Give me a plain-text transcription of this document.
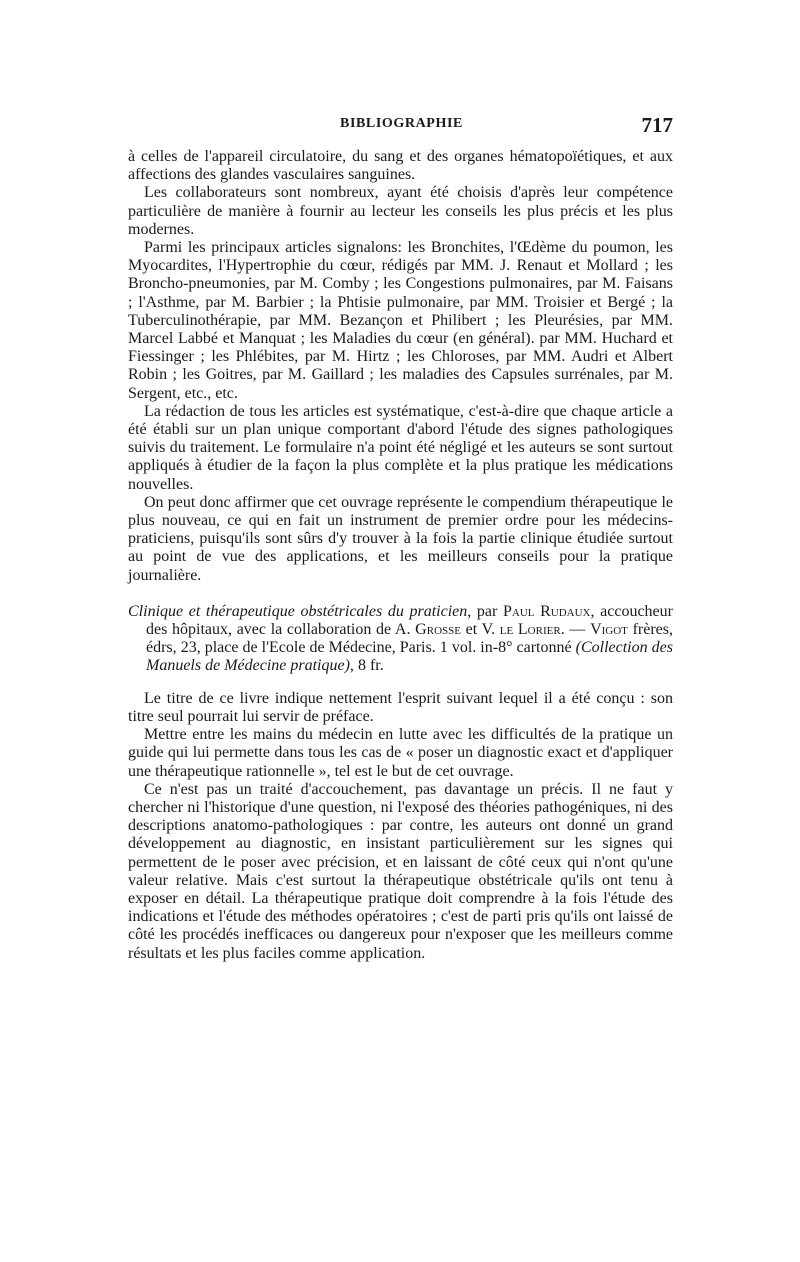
BIBLIOGRAPHIE	717

à celles de l'appareil circulatoire, du sang et des organes hématopoïétiques, et aux affections des glandes vasculaires sanguines.

Les collaborateurs sont nombreux, ayant été choisis d'après leur compétence particulière de manière à fournir au lecteur les conseils les plus précis et les plus modernes.

Parmi les principaux articles signalons: les Bronchites, l'Œdème du poumon, les Myocardites, l'Hypertrophie du cœur, rédigés par MM. J. Renaut et Mollard ; les Broncho-pneumonies, par M. Comby ; les Congestions pulmonaires, par M. Faisans ; l'Asthme, par M. Barbier ; la Phtisie pulmonaire, par MM. Troisier et Bergé ; la Tuberculinothérapie, par MM. Bezançon et Philibert ; les Pleurésies, par MM. Marcel Labbé et Manquat ; les Maladies du cœur (en général). par MM. Huchard et Fiessinger ; les Phlébites, par M. Hirtz ; les Chloroses, par MM. Audri et Albert Robin ; les Goitres, par M. Gaillard ; les maladies des Capsules surrénales, par M. Sergent, etc., etc.

La rédaction de tous les articles est systématique, c'est-à-dire que chaque article a été établi sur un plan unique comportant d'abord l'étude des signes pathologiques suivis du traitement. Le formulaire n'a point été négligé et les auteurs se sont surtout appliqués à étudier de la façon la plus complète et la plus pratique les médications nouvelles.

On peut donc affirmer que cet ouvrage représente le compendium thérapeutique le plus nouveau, ce qui en fait un instrument de premier ordre pour les médecins-praticiens, puisqu'ils sont sûrs d'y trouver à la fois la partie clinique étudiée surtout au point de vue des applications, et les meilleurs conseils pour la pratique journalière.

Clinique et thérapeutique obstétricales du praticien, par Paul Rudaux, accoucheur des hôpitaux, avec la collaboration de A. Grosse et V. le Lorier. — Vigot frères, édrs, 23, place de l'Ecole de Médecine, Paris. 1 vol. in-8° cartonné (Collection des Manuels de Médecine pratique), 8 fr.

Le titre de ce livre indique nettement l'esprit suivant lequel il a été conçu : son titre seul pourrait lui servir de préface.

Mettre entre les mains du médecin en lutte avec les difficultés de la pratique un guide qui lui permette dans tous les cas de « poser un diagnostic exact et d'appliquer une thérapeutique rationnelle », tel est le but de cet ouvrage.

Ce n'est pas un traité d'accouchement, pas davantage un précis. Il ne faut y chercher ni l'historique d'une question, ni l'exposé des théories pathogéniques, ni des descriptions anatomo-pathologiques : par contre, les auteurs ont donné un grand développement au diagnostic, en insistant particulièrement sur les signes qui permettent de le poser avec précision, et en laissant de côté ceux qui n'ont qu'une valeur relative. Mais c'est surtout la thérapeutique obstétricale qu'ils ont tenu à exposer en détail. La thérapeutique pratique doit comprendre à la fois l'étude des indications et l'étude des méthodes opératoires ; c'est de parti pris qu'ils ont laissé de côté les procédés inefficaces ou dangereux pour n'exposer que les meilleurs comme résultats et les plus faciles comme application.
